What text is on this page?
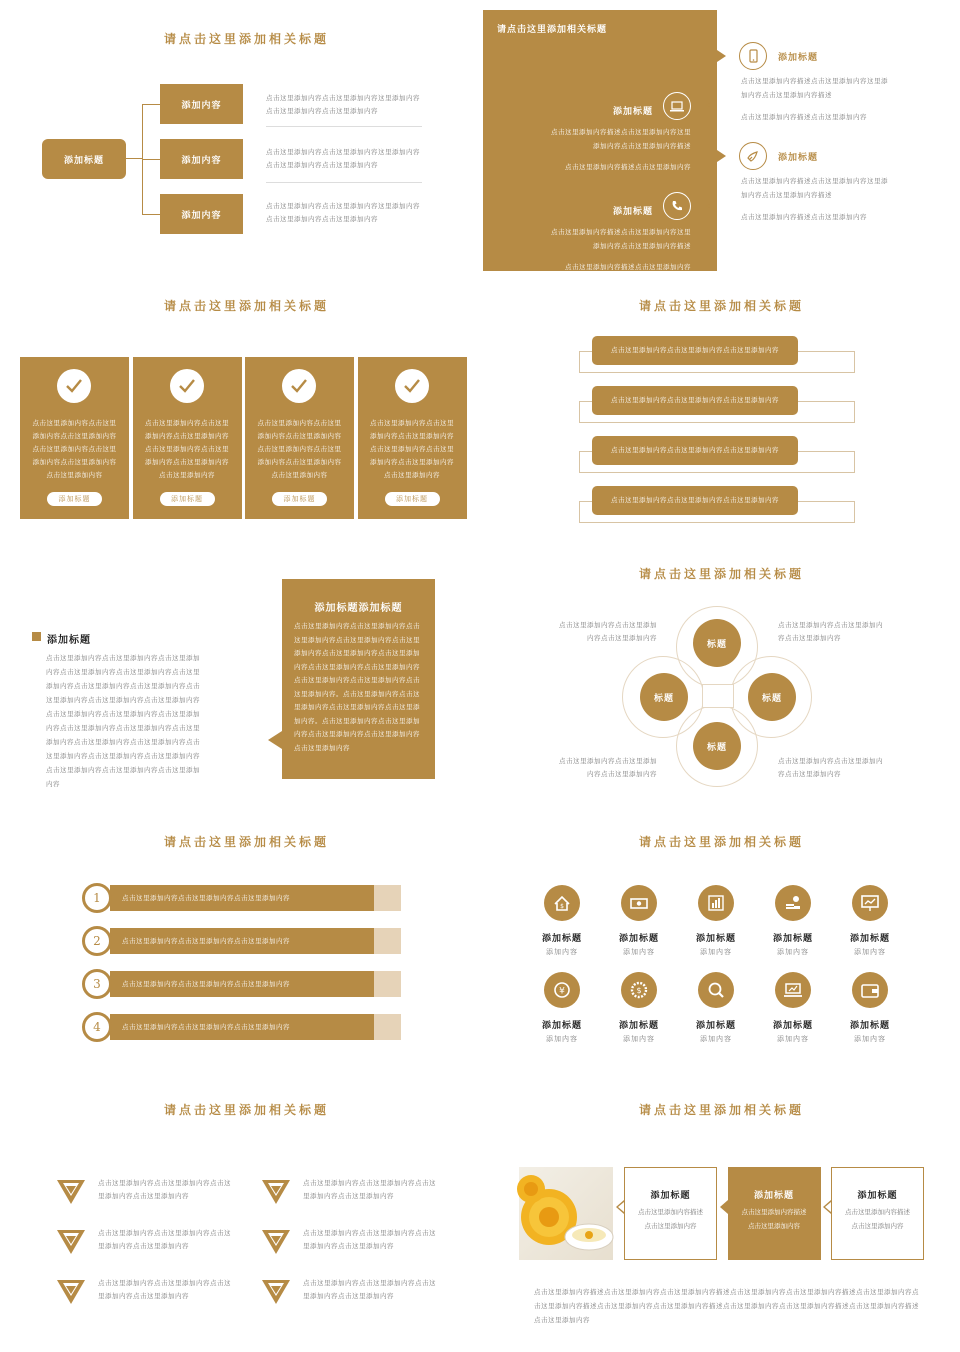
请点击这里添加相关标题
添加标题
添加内容
添加内容
添加内容
点击这里添加内容点击这里添加内容这里添加内容点击这里添加内容点击这里添加内容
点击这里添加内容点击这里添加内容这里添加内容点击这里添加内容点击这里添加内容
点击这里添加内容点击这里添加内容这里添加内容点击这里添加内容点击这里添加内容
请点击这里添加相关标题
添加标题
点击这里添加内容描述点击这里添加内容这里
添加内容点击这里添加内容描述
点击这里添加内容描述点击这里添加内容
添加标题
点击这里添加内容描述点击这里添加内容这里
添加内容点击这里添加内容描述
点击这里添加内容描述点击这里添加内容
添加标题
点击这里添加内容描述点击这里添加内容这里添
加内容点击这里添加内容描述
点击这里添加内容描述点击这里添加内容
添加标题
点击这里添加内容描述点击这里添加内容这里添
加内容点击这里添加内容描述
点击这里添加内容描述点击这里添加内容
请点击这里添加相关标题
点击这里添加内容点击这里添加内容点击这里添加内容点击这里添加内容点击这里添加内容点击这里添加内容点击这里添加内容
添加标题
点击这里添加内容点击这里添加内容点击这里添加内容点击这里添加内容点击这里添加内容点击这里添加内容点击这里添加内容
添加标题
点击这里添加内容点击这里添加内容点击这里添加内容点击这里添加内容点击这里添加内容点击这里添加内容点击这里添加内容
添加标题
点击这里添加内容点击这里添加内容点击这里添加内容点击这里添加内容点击这里添加内容点击这里添加内容点击这里添加内容
添加标题
请点击这里添加相关标题
点击这里添加内容点击这里添加内容点击这里添加内容
点击这里添加内容点击这里添加内容点击这里添加内容
点击这里添加内容点击这里添加内容点击这里添加内容
点击这里添加内容点击这里添加内容点击这里添加内容
添加标题
点击这里添加内容点击这里添加内容点击这里添加内容点击这里添加内容点击这里添加内容点击这里添加内容点击这里添加内容点击这里添加内容点击这里添加内容点击这里添加内容点击这里添加内容点击这里添加内容点击这里添加内容点击这里添加内容点击这里添加内容点击这里添加内容点击这里添加内容点击这里添加内容点击这里添加内容点击这里添加内容点击这里添加内容点击这里添加内容点击这里添加内容点击这里添加内容点击这里添加内容
添加标题添加标题
点击这里添加内容点击这里添加内容点击这里添加内容点击这里添加内容点击这里添加内容点击这里添加内容点击这里添加内容点击这里添加内容点击这里添加内容点击这里添加内容点击这里添加内容点击这里添加内容。点击这里添加内容点击这里添加内容点击这里添加内容点击这里添加内容。点击这里添加内容点击这里添加内容点击这里添加内容点击这里添加内容点击这里添加内容
请点击这里添加相关标题
标题
标题	标题
标题
点击这里添加内容点击这里添加内容点击这里添加内容
点击这里添加内容点击这里添加内容点击这里添加内容
点击这里添加内容点击这里添加内容点击这里添加内容
点击这里添加内容点击这里添加内容点击这里添加内容
请点击这里添加相关标题
点击这里添加内容点击这里添加内容点击这里添加内容
1
点击这里添加内容点击这里添加内容点击这里添加内容
2
点击这里添加内容点击这里添加内容点击这里添加内容
3
点击这里添加内容点击这里添加内容点击这里添加内容
4
请点击这里添加相关标题
$
添加标题
添加内容
添加标题
添加内容
添加标题
添加内容
添加标题
添加内容
添加标题
添加内容
¥
添加标题
添加内容
$
添加标题
添加内容
添加标题
添加内容
添加标题
添加内容
添加标题
添加内容
请点击这里添加相关标题
点击这里添加内容点击这里添加内容点击这里添加内容点击这里添加内容
点击这里添加内容点击这里添加内容点击这里添加内容点击这里添加内容
点击这里添加内容点击这里添加内容点击这里添加内容点击这里添加内容
点击这里添加内容点击这里添加内容点击这里添加内容点击这里添加内容
点击这里添加内容点击这里添加内容点击这里添加内容点击这里添加内容
点击这里添加内容点击这里添加内容点击这里添加内容点击这里添加内容
请点击这里添加相关标题
添加标题
点击这里添加内容描述点击这里添加内容
添加标题
点击这里添加内容描述点击这里添加内容
添加标题
点击这里添加内容描述点击这里添加内容
点击这里添加内容描述点击这里添加内容点击这里添加内容描述点击这里添加内容点击这里添加内容描述点击这里添加内容点击这里添加内容描述点击这里添加内容点击这里添加内容描述点击这里添加内容点击这里添加内容描述点击这里添加内容描述点击这里添加内容
